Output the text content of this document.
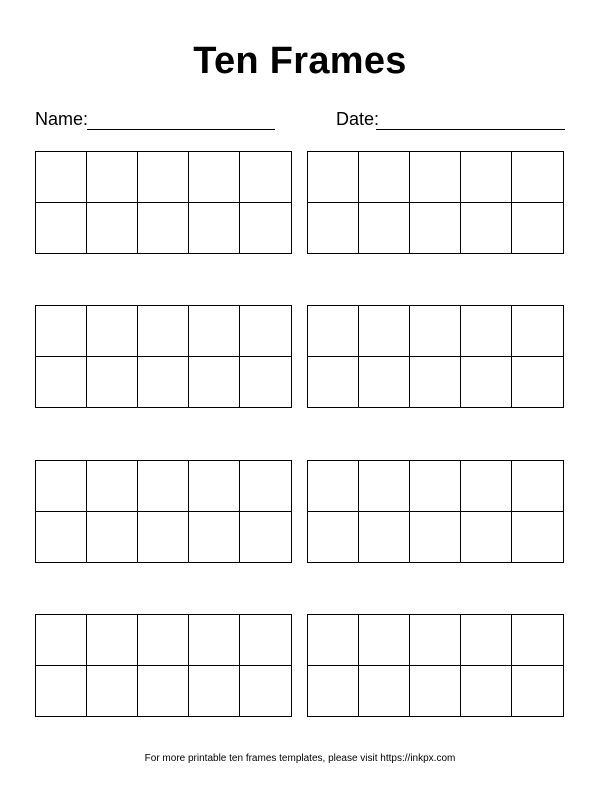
Ten Frames
Name:	Date:
For more printable ten frames templates, please visit https://inkpx.com
